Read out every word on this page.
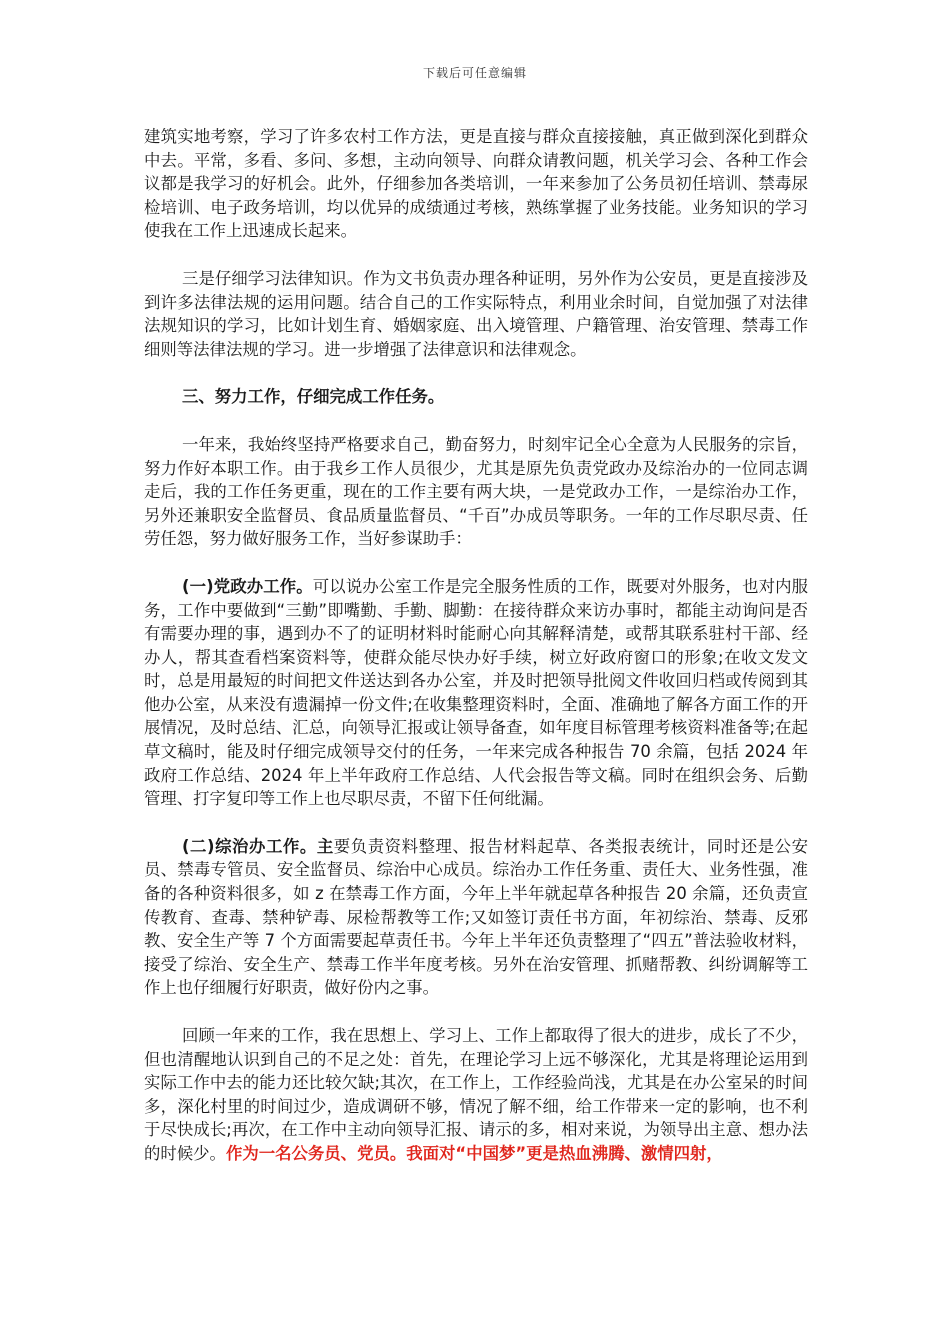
下载后可任意编辑

建筑实地考察，学习了许多农村工作方法，更是直接与群众直接接触，真正做到深化到群众中去。平常，多看、多问、多想，主动向领导、向群众请教问题，机关学习会、各种工作会议都是我学习的好机会。此外，仔细参加各类培训，一年来参加了公务员初任培训、禁毒尿检培训、电子政务培训，均以优异的成绩通过考核，熟练掌握了业务技能。业务知识的学习使我在工作上迅速成长起来。

三是仔细学习法律知识。作为文书负责办理各种证明，另外作为公安员，更是直接涉及到许多法律法规的运用问题。结合自己的工作实际特点，利用业余时间，自觉加强了对法律法规知识的学习，比如计划生育、婚姻家庭、出入境管理、户籍管理、治安管理、禁毒工作细则等法律法规的学习。进一步增强了法律意识和法律观念。

三、努力工作，仔细完成工作任务。

一年来，我始终坚持严格要求自己，勤奋努力，时刻牢记全心全意为人民服务的宗旨，努力作好本职工作。由于我乡工作人员很少，尤其是原先负责党政办及综治办的一位同志调走后，我的工作任务更重，现在的工作主要有两大块，一是党政办工作，一是综治办工作，另外还兼职安全监督员、食品质量监督员、“千百”办成员等职务。一年的工作尽职尽责、任劳任怨，努力做好服务工作，当好参谋助手：

(一)党政办工作。可以说办公室工作是完全服务性质的工作，既要对外服务，也对内服务，工作中要做到“三勤”即嘴勤、手勤、脚勤：在接待群众来访办事时，都能主动询问是否有需要办理的事，遇到办不了的证明材料时能耐心向其解释清楚，或帮其联系驻村干部、经办人，帮其查看档案资料等，使群众能尽快办好手续，树立好政府窗口的形象;在收文发文时，总是用最短的时间把文件送达到各办公室，并及时把领导批阅文件收回归档或传阅到其他办公室，从来没有遗漏掉一份文件;在收集整理资料时，全面、准确地了解各方面工作的开展情况，及时总结、汇总，向领导汇报或让领导备查，如年度目标管理考核资料准备等;在起草文稿时，能及时仔细完成领导交付的任务，一年来完成各种报告 70 余篇，包括 2024 年政府工作总结、2024 年上半年政府工作总结、人代会报告等文稿。同时在组织会务、后勤管理、打字复印等工作上也尽职尽责，不留下任何纰漏。

(二)综治办工作。主要负责资料整理、报告材料起草、各类报表统计，同时还是公安员、禁毒专管员、安全监督员、综治中心成员。综治办工作任务重、责任大、业务性强，准备的各种资料很多，如 z 在禁毒工作方面，今年上半年就起草各种报告 20 余篇，还负责宣传教育、查毒、禁种铲毒、尿检帮教等工作;又如签订责任书方面，年初综治、禁毒、反邪教、安全生产等 7 个方面需要起草责任书。今年上半年还负责整理了“四五”普法验收材料，接受了综治、安全生产、禁毒工作半年度考核。另外在治安管理、抓赌帮教、纠纷调解等工作上也仔细履行好职责，做好份内之事。

回顾一年来的工作，我在思想上、学习上、工作上都取得了很大的进步，成长了不少，但也清醒地认识到自己的不足之处：首先，在理论学习上远不够深化，尤其是将理论运用到实际工作中去的能力还比较欠缺;其次，在工作上，工作经验尚浅，尤其是在办公室呆的时间多，深化村里的时间过少，造成调研不够，情况了解不细，给工作带来一定的影响，也不利于尽快成长;再次，在工作中主动向领导汇报、请示的多，相对来说，为领导出主意、想办法的时候少。作为一名公务员、党员。我面对“中国梦”更是热血沸腾、激情四射，
